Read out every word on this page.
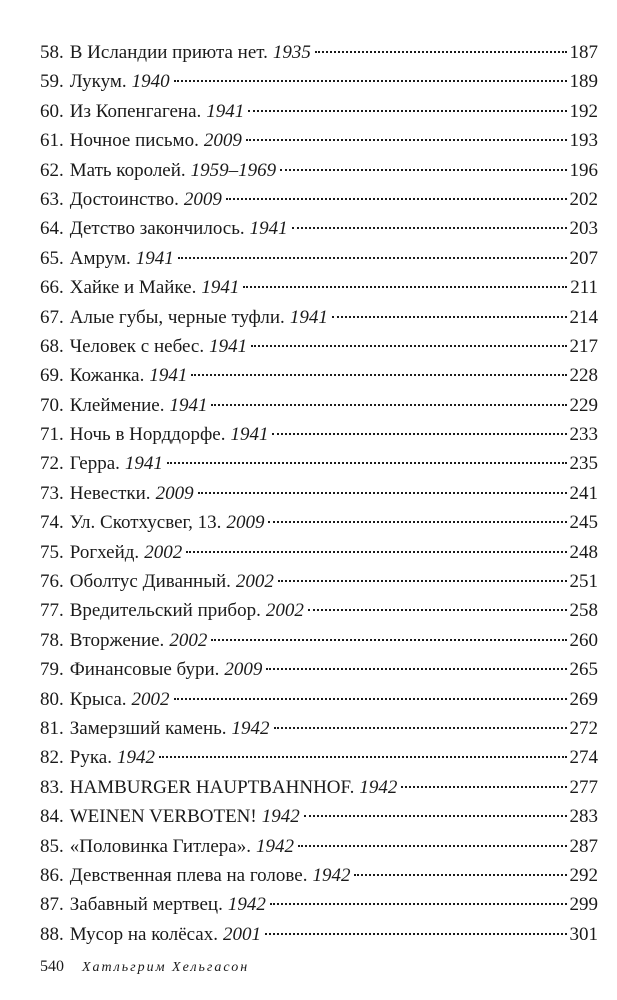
58. В Исландии приюта нет. 1935	187
59. Лукум. 1940	189
60. Из Копенгагена. 1941	192
61. Ночное письмо. 2009	193
62. Мать королей. 1959–1969	196
63. Достоинство. 2009	202
64. Детство закончилось. 1941	203
65. Амрум. 1941	207
66. Хайке и Майке. 1941	211
67. Алые губы, черные туфли. 1941	214
68. Человек с небес. 1941	217
69. Кожанка. 1941	228
70. Клеймение. 1941	229
71. Ночь в Норддорфе. 1941	233
72. Герра. 1941	235
73. Невестки. 2009	241
74. Ул. Скотхусвег, 13. 2009	245
75. Рогхейд. 2002	248
76. Оболтус Диванный. 2002	251
77. Вредительский прибор. 2002	258
78. Вторжение. 2002	260
79. Финансовые бури. 2009	265
80. Крыса. 2002	269
81. Замерзший камень. 1942	272
82. Рука. 1942	274
83. HAMBURGER HAUPTBAHNHOF. 1942	277
84. WEINEN VERBOTEN! 1942	283
85. «Половинка Гитлера». 1942	287
86. Девственная плева на голове. 1942	292
87. Забавный мертвец. 1942	299
88. Мусор на колёсах. 2001	301
540 Хатльгрим Хельгасон
